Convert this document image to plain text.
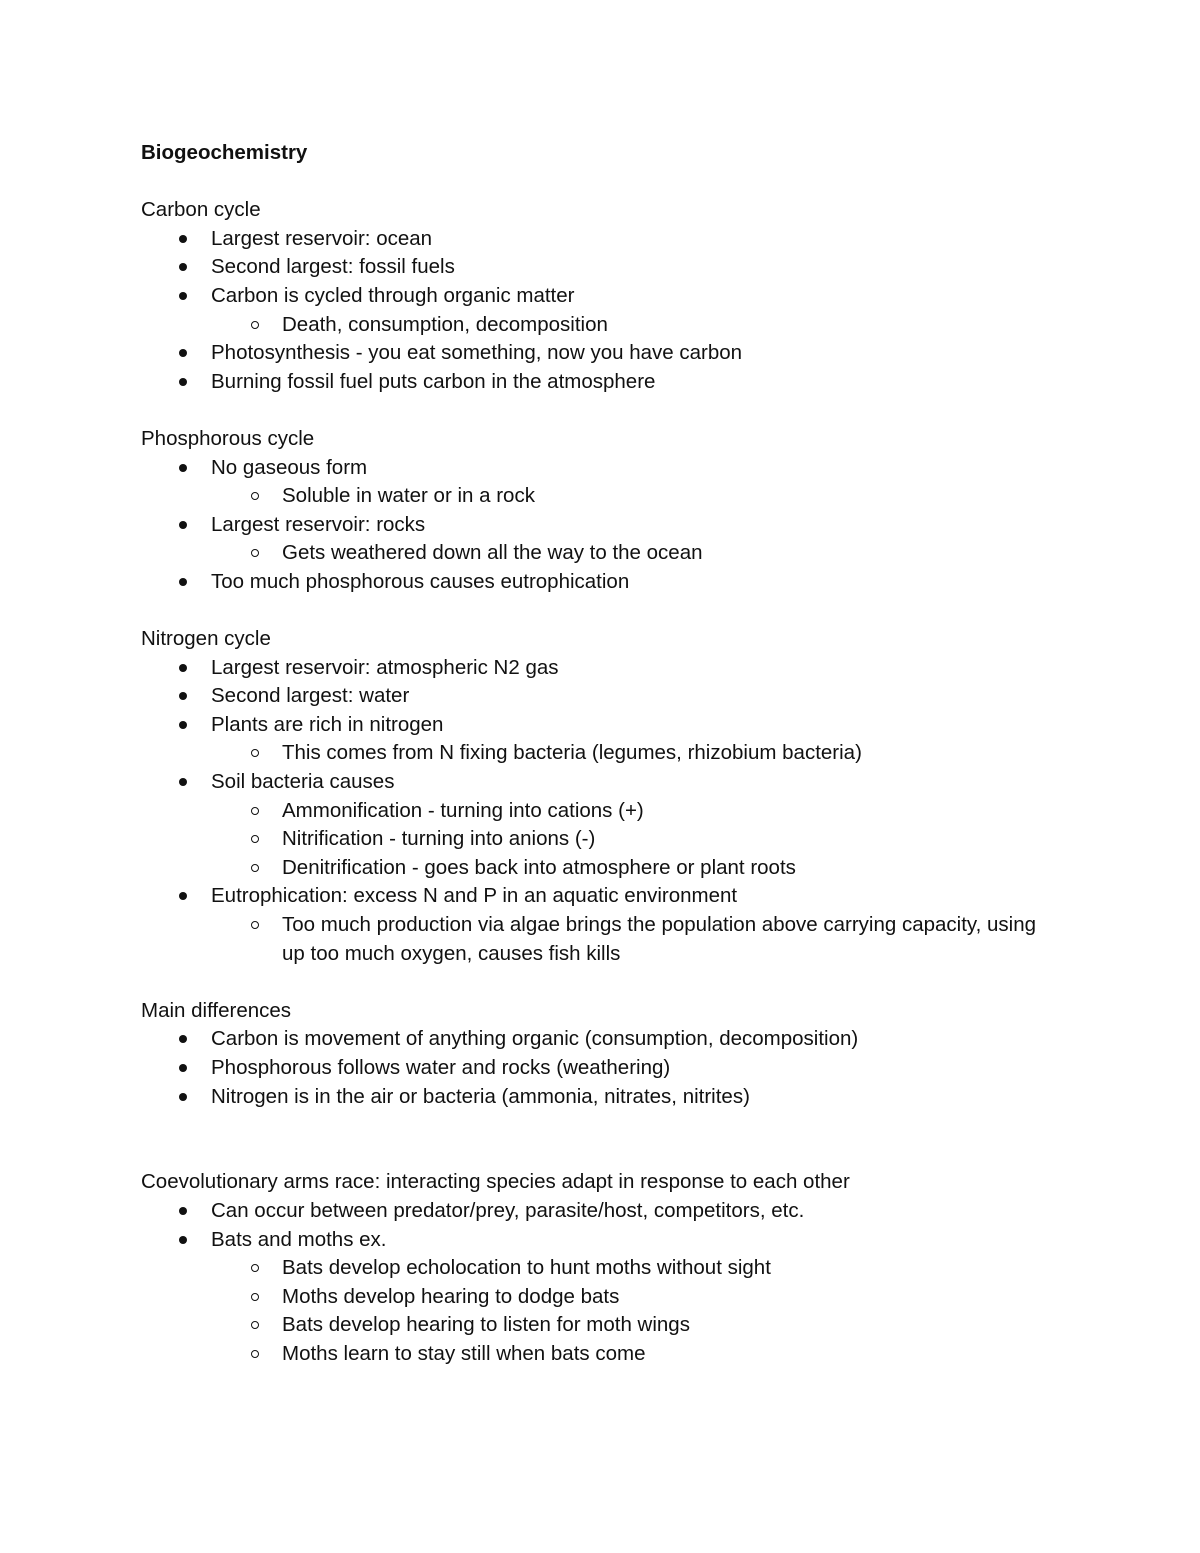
Biogeochemistry

Carbon cycle

Largest reservoir: ocean

Second largest: fossil fuels

Carbon is cycled through organic matter

Death, consumption, decomposition

Photosynthesis - you eat something, now you have carbon

Burning fossil fuel puts carbon in the atmosphere

Phosphorous cycle

No gaseous form

Soluble in water or in a rock

Largest reservoir: rocks

Gets weathered down all the way to the ocean

Too much phosphorous causes eutrophication

Nitrogen cycle

Largest reservoir: atmospheric N2 gas

Second largest: water

Plants are rich in nitrogen

This comes from N fixing bacteria (legumes, rhizobium bacteria)

Soil bacteria causes

Ammonification - turning into cations (+)

Nitrification - turning into anions (-)

Denitrification - goes back into atmosphere or plant roots

Eutrophication: excess N and P in an aquatic environment

Too much production via algae brings the population above carrying capacity, using up too much oxygen, causes fish kills

Main differences

Carbon is movement of anything organic (consumption, decomposition)

Phosphorous follows water and rocks (weathering)

Nitrogen is in the air or bacteria (ammonia, nitrates, nitrites)

Coevolutionary arms race: interacting species adapt in response to each other

Can occur between predator/prey, parasite/host, competitors, etc.

Bats and moths ex.

Bats develop echolocation to hunt moths without sight

Moths develop hearing to dodge bats

Bats develop hearing to listen for moth wings

Moths learn to stay still when bats come
